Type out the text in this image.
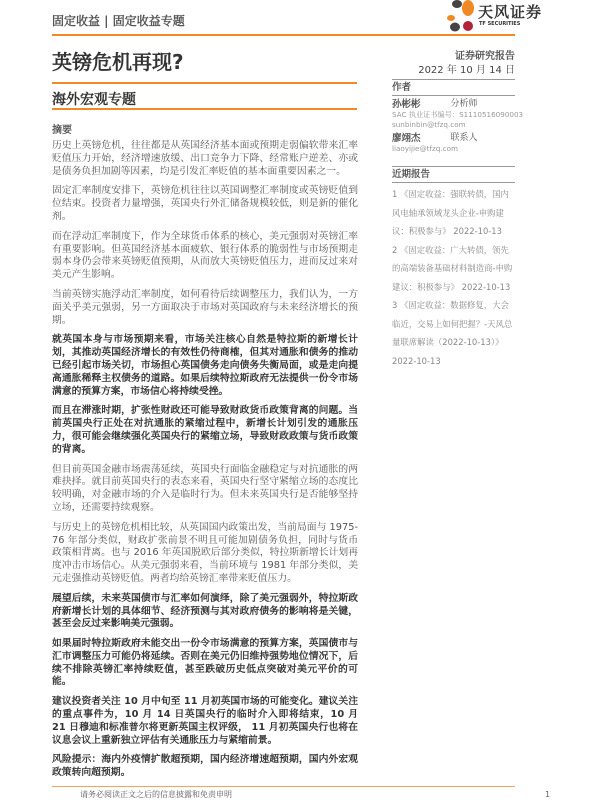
固定收益 | 固定收益专题	天风证券
TF SECURITIES
英镑危机再现?
海外宏观专题
摘要

历史上英镑危机，往往都是从英国经济基本面或预期走弱偏软带来汇率贬值压力开始，经济增速放缓、出口竞争力下降、经常账户逆差、亦或是债务负担加剧等因素，均是引发汇率贬值的基本面重要因素之一。

固定汇率制度安排下，英镑危机往往以英国调整汇率制度或英镑贬值到位结束。投资者力量增强，英国央行外汇储备规模较低，则是新的催化剂。

而在浮动汇率制度下，作为全球货币体系的核心，美元强弱对英镑汇率有重要影响。但英国经济基本面疲软、银行体系的脆弱性与市场预期走弱本身仍会带来英镑贬值预期，从而放大英镑贬值压力，进而反过来对美元产生影响。

当前英镑实施浮动汇率制度，如何看待后续调整压力，我们认为，一方面关乎美元强弱，另一方面取决于市场对英国政府与未来经济增长的预期。

就英国本身与市场预期来看，市场关注核心自然是特拉斯的新增长计划，其推动英国经济增长的有效性仍待商榷，但其对通胀和债务的推动已经引起市场关切，市场担心英国债务走向债务失衡局面，或是走向提高通胀稀释主权债务的道路。如果后续特拉斯政府无法提供一份令市场满意的预算方案，市场信心将持续受挫。

而且在滞涨时期，扩张性财政还可能导致财政货币政策背离的问题。当前英国央行正处在对抗通胀的紧缩过程中，新增长计划引发的通胀压力，很可能会继续强化英国央行的紧缩立场，导致财政政策与货币政策的背离。

但目前英国金融市场震荡延续，英国央行面临金融稳定与对抗通胀的两难抉择。就目前英国央行的表态来看，英国央行坚守紧缩立场的态度比较明确，对金融市场的介入是临时行为。但未来英国央行是否能够坚持立场，还需要持续观察。

与历史上的英镑危机相比较，从英国国内政策出发，当前局面与 1975-76 年部分类似，财政扩张前景不明且可能加剧债务负担，同时与货币政策相背离。也与 2016 年英国脱欧后部分类似，特拉斯新增长计划再度冲击市场信心。从美元强弱来看，当前环境与 1981 年部分类似，美元走强推动英镑贬值。两者均给英镑汇率带来贬值压力。

展望后续，未来英国债市与汇率如何演绎，除了美元强弱外，特拉斯政府新增长计划的具体细节、经济预测与其对政府债务的影响将是关键，甚至会反过来影响美元强弱。

如果届时特拉斯政府未能交出一份令市场满意的预算方案，英国债市与汇市调整压力可能仍将延续。否则在美元仍旧维持强势地位情况下，后续不排除英镑汇率持续贬值，甚至跌破历史低点突破对美元平价的可能。

建议投资者关注 10 月中旬至 11 月初英国市场的可能变化。建议关注的重点事件为，10 月 14 日英国央行的临时介入即将结束，10 月 21 日穆迪和标准普尔将更新英国主权评级， 11 月初英国央行也将在议息会议上重新独立评估有关通胀压力与紧缩前景。

风险提示：海内外疫情扩散超预期，国内经济增速超预期，国内外宏观政策转向超预期。

证券研究报告
2022 年 10 月 14 日
作者
孙彬彬	分析师
SAC 执业证书编号：S1110516090003
sunbinbin@tfzq.com
廖翊杰	联系人
liaoyijie@tfzq.com
近期报告
1 《固定收益：强联转债，国内风电轴承领域龙头企业-申购建议：积极参与》 2022-10-13
2 《固定收益：广大转债，领先的高端装备基础材料制造商-申购建议：积极参与》 2022-10-13
3 《固定收益：数据修复，大会临近，交易上如何把握？-天风总量联席解读（2022-10-13）》 2022-10-13
请务必阅读正文之后的信息披露和免责申明	1
